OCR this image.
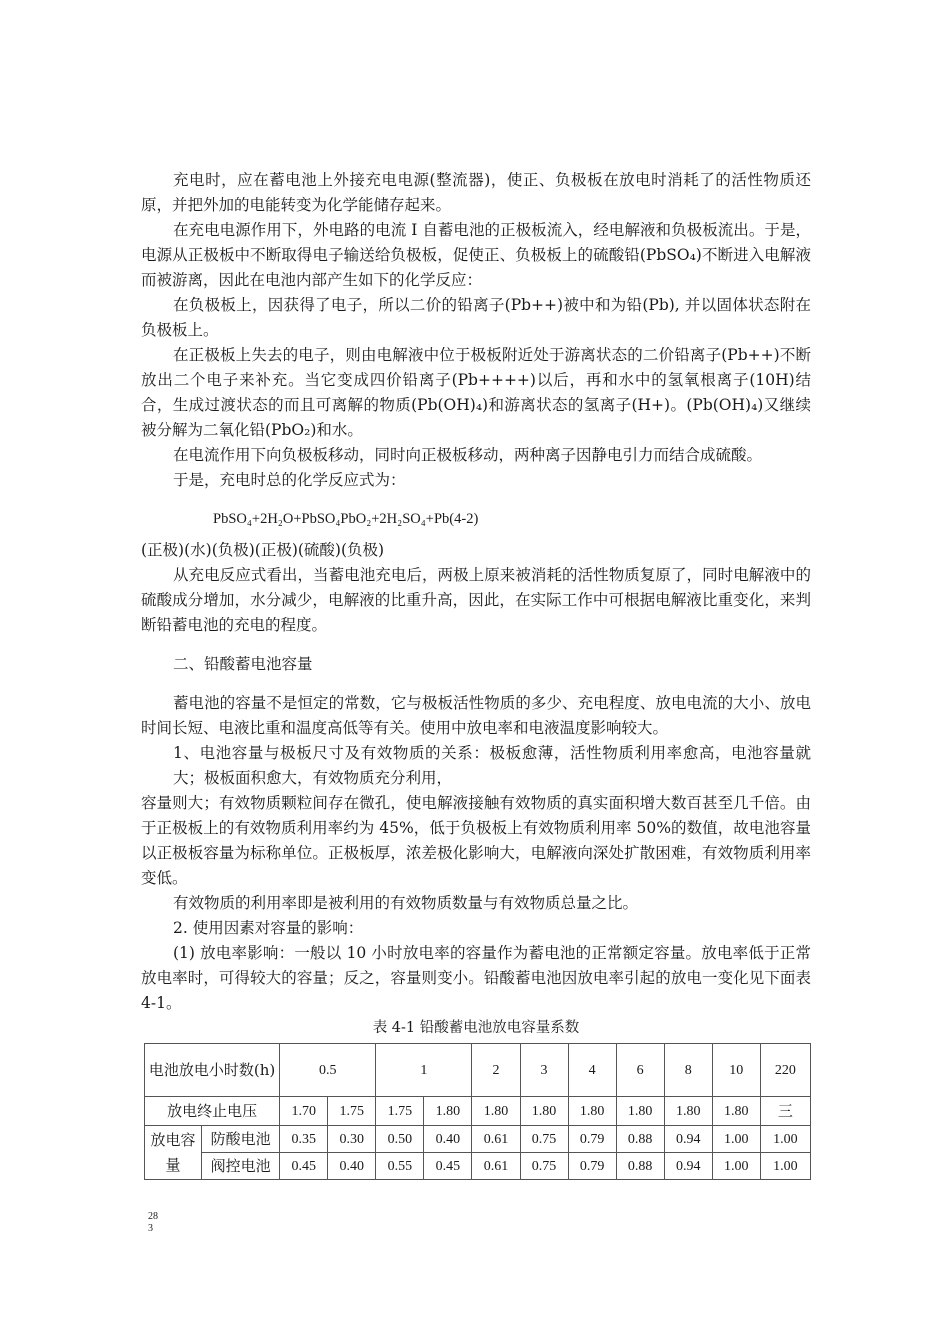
充电时，应在蓄电池上外接充电电源(整流器)，使正、负极板在放电时消耗了的活性物质还原，并把外加的电能转变为化学能储存起来。

在充电电源作用下，外电路的电流 I 自蓄电池的正极板流入，经电解液和负极板流出。于是，电源从正极板中不断取得电子输送给负极板，促使正、负极板上的硫酸铅(PbSO₄)不断进入电解液而被游离，因此在电池内部产生如下的化学反应：

在负极板上，因获得了电子，所以二价的铅离子(Pb++)被中和为铅(Pb), 并以固体状态附在负极板上。

在正极板上失去的电子，则由电解液中位于极板附近处于游离状态的二价铅离子(Pb++)不断放出二个电子来补充。当它变成四价铅离子(Pb++++)以后，再和水中的氢氧根离子(10H)结合，生成过渡状态的而且可离解的物质(Pb(OH)₄)和游离状态的氢离子(H+)。(Pb(OH)₄)又继续被分解为二氧化铅(PbO₂)和水。

在电流作用下向负极板移动，同时向正极板移动，两种离子因静电引力而结合成硫酸。

于是，充电时总的化学反应式为：

PbSO₄+2H₂O+PbSO₄PbO₂+2H₂SO₄+Pb(4-2)

(正极)(水)(负极)(正极)(硫酸)(负极)

从充电反应式看出，当蓄电池充电后，两极上原来被消耗的活性物质复原了，同时电解液中的硫酸成分增加，水分减少，电解液的比重升高，因此，在实际工作中可根据电解液比重变化，来判断铅蓄电池的充电的程度。

二、铅酸蓄电池容量

蓄电池的容量不是恒定的常数，它与极板活性物质的多少、充电程度、放电电流的大小、放电时间长短、电液比重和温度高低等有关。使用中放电率和电液温度影响较大。

1、电池容量与极板尺寸及有效物质的关系：极板愈薄，活性物质利用率愈高，电池容量就大；极板面积愈大，有效物质充分利用，

容量则大；有效物质颗粒间存在微孔，使电解液接触有效物质的真实面积增大数百甚至几千倍。由于正极板上的有效物质利用率约为 45%，低于负极板上有效物质利用率 50%的数值，故电池容量以正极板容量为标称单位。正极板厚，浓差极化影响大，电解液向深处扩散困难，有效物质利用率变低。

有效物质的利用率即是被利用的有效物质数量与有效物质总量之比。

2. 使用因素对容量的影响：

(1) 放电率影响：一般以 10 小时放电率的容量作为蓄电池的正常额定容量。放电率低于正常放电率时，可得较大的容量；反之，容量则变小。铅酸蓄电池因放电率引起的放电一变化见下面表 4-1。

表 4-1 铅酸蓄电池放电容量系数
电池放电小时数(h)		0.5		1		2	3	4	6	8	10	220
放电终止电压		1.70	1.75	1.75	1.80	1.80	1.80	1.80	1.80	1.80	1.80	三
放电容量	防酸电池	0.35	0.30	0.50	0.40	0.61	0.75	0.79	0.88	0.94	1.00	1.00
	阀控电池	0.45	0.40	0.55	0.45	0.61	0.75	0.79	0.88	0.94	1.00	1.00
283
